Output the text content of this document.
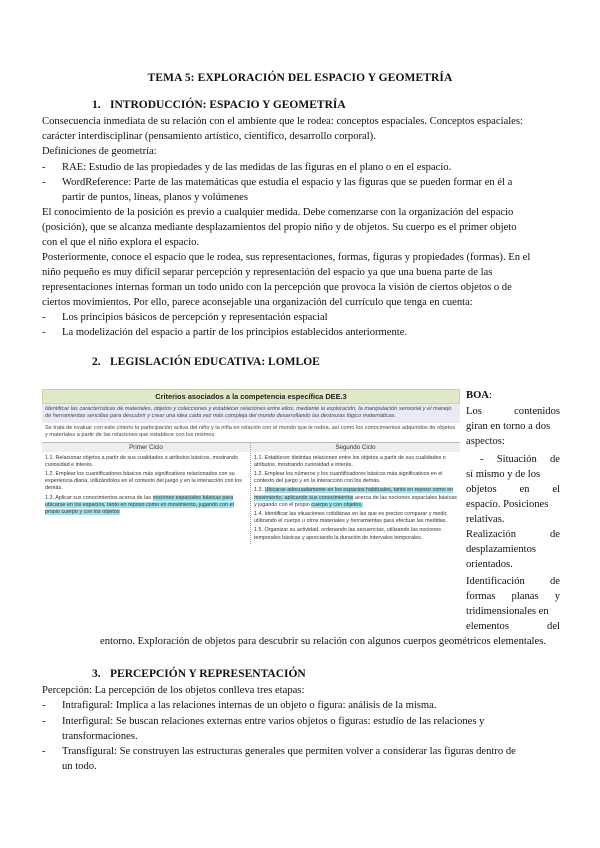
TEMA 5: EXPLORACIÓN DEL ESPACIO Y GEOMETRÍA
1. INTRODUCCIÓN: ESPACIO Y GEOMETRÍA
Consecuencia inmediata de su relación con el ambiente que le rodea: conceptos espaciales. Conceptos espaciales:
carácter interdisciplinar (pensamiento artístico, científico, desarrollo corporal).
Definiciones de geometría:
- RAE: Estudio de las propiedades y de las medidas de las figuras en el plano o en el espacio.
- WordReference: Parte de las matemáticas que estudia el espacio y las figuras que se pueden formar en él a
partir de puntos, líneas, planos y volúmenes
El conocimiento de la posición es previo a cualquier medida. Debe comenzarse con la organización del espacio
(posición), que se alcanza mediante desplazamientos del propio niño y de objetos. Su cuerpo es el primer objeto
con el que el niño explora el espacio.
Posteriormente, conoce el espacio que le rodea, sus representaciones, formas, figuras y propiedades (formas). En el
niño pequeño es muy difícil separar percepción y representación del espacio ya que una buena parte de las
representaciones internas forman un todo unido con la percepción que provoca la visión de ciertos objetos o de
ciertos movimientos. Por ello, parece aconsejable una organización del currículo que tenga en cuenta:
- Los principios básicos de percepción y representación espacial
- La modelización del espacio a partir de los principios establecidos anteriormente.
2. LEGISLACIÓN EDUCATIVA: LOMLOE
Criterios asociados a la competencia específica DEE.3
Identificar las características de materiales, objetos y colecciones y establecer relaciones entre ellos, mediante la exploración, la manipulación sensorial y el manejo de herramientas sencillas para descubrir y crear una idea cada vez más compleja del mundo desarrollando las destrezas lógico matemáticas.
Se trata de evaluar con este criterio la participación activa del niño y la niña en relación con el mundo que le rodea, así como los conocimientos adquiridos de objetos y materiales a partir de las relaciones que establece con los mismos.
Primer Ciclo
1.1. Relacionar objetos a partir de sus cualidades o atributos básicos, mostrando curiosidad e interés.
1.2. Emplear los cuantificadores básicos más significativos relacionados con su experiencia diaria, utilizándolos en el contexto del juego y en la interacción con los demás.
1.3. Aplicar sus conocimientos acerca de las nociones espaciales básicas para ubicarse en los espacios, tanto en reposo como en movimiento, jugando con el propio cuerpo y con los objetos
Segundo Ciclo
1.1. Establecer distintas relaciones entre los objetos a partir de sus cualidades o atributos, mostrando curiosidad e interés.
1.2. Emplear los números y los cuantificadores básicos más significativos en el contexto del juego y en la interacción con los demás.
1.3. Ubicarse adecuadamente en los espacios habituales, tanto en reposo como en movimiento, aplicando sus conocimientos acerca de las nociones espaciales básicas y jugando con el propio cuerpo y con objetos.
1.4. Identificar las situaciones cotidianas en las que es preciso comparar y medir, utilizando el cuerpo u otros materiales y herramientas para efectuar las medidas.
1.5. Organizar su actividad, ordenando las secuencias, utilizando las nociones temporales básicas y apreciando la duración de intervalos temporales.
BOA:
Los contenidos
giran en torno a dos
aspectos:
- Situación de
sí mismo y de los
objetos en el
espacio. Posiciones
relativas.
Realización de
desplazamientos
orientados.
Identificación de
formas planas y
tridimensionales en
elementos del
entorno. Exploración de objetos para descubrir su relación con algunos cuerpos geométricos elementales.
3. PERCEPCIÓN Y REPRESENTACIÓN
Percepción: La percepción de los objetos conlleva tres etapas:
- Intrafigural: Implica a las relaciones internas de un objeto o figura: análisis de la misma.
- Interfigural: Se buscan relaciones externas entre varios objetos o figuras: estudio de las relaciones y
transformaciones.
- Transfigural: Se construyen las estructuras generales que permiten volver a considerar las figuras dentro de
un todo.
